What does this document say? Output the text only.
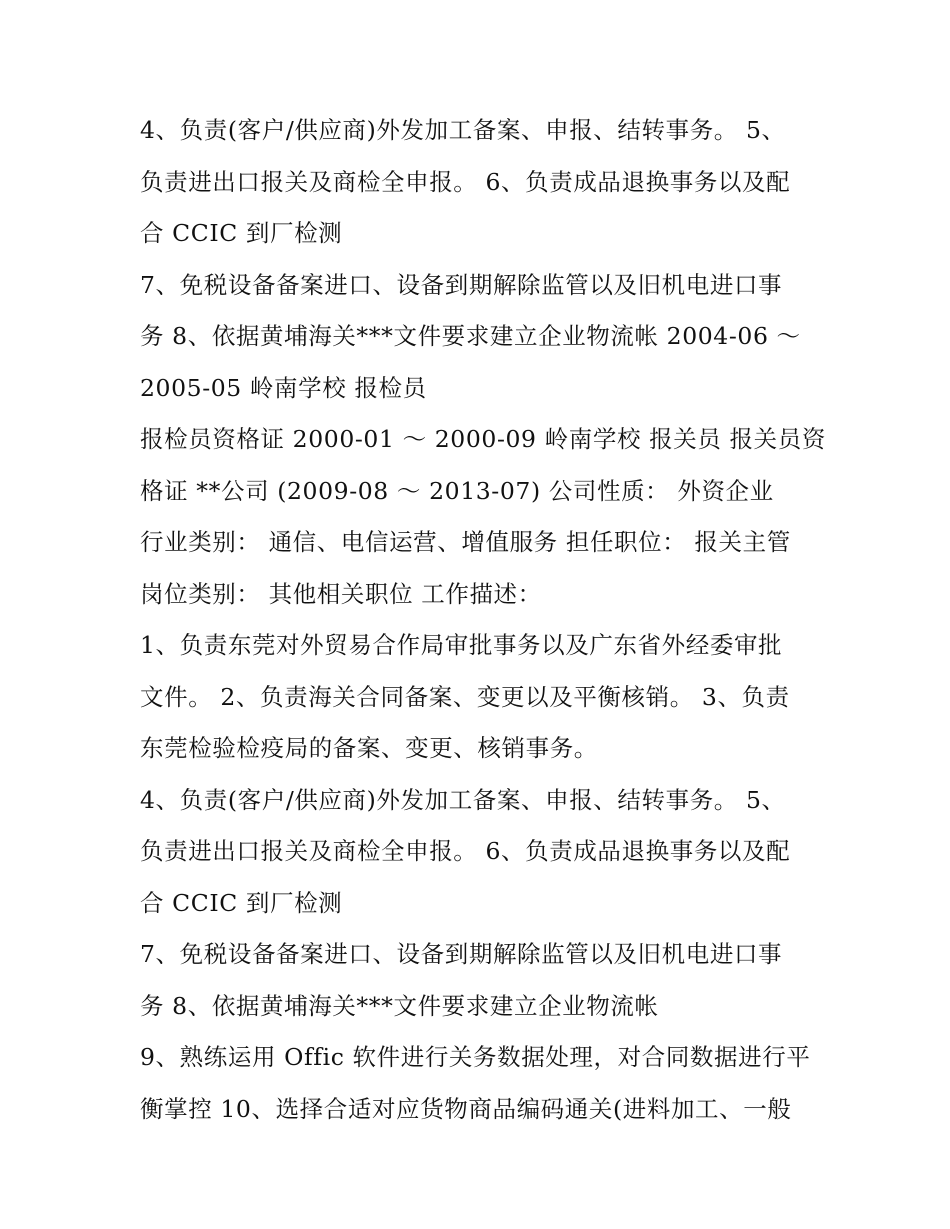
4、负责(客户/供应商)外发加工备案、申报、结转事务。 5、
负责进出口报关及商检全申报。 6、负责成品退换事务以及配
合 CCIC 到厂检测
7、免税设备备案进口、设备到期解除监管以及旧机电进口事
务 8、依据黄埔海关***文件要求建立企业物流帐 2004-06 ～
2005-05 岭南学校 报检员
报检员资格证 2000-01 ～ 2000-09 岭南学校 报关员 报关员资
格证 **公司 (2009-08 ～ 2013-07) 公司性质： 外资企业
行业类别： 通信、电信运营、增值服务 担任职位： 报关主管
岗位类别： 其他相关职位 工作描述：
1、负责东莞对外贸易合作局审批事务以及广东省外经委审批
文件。 2、负责海关合同备案、变更以及平衡核销。 3、负责
东莞检验检疫局的备案、变更、核销事务。
4、负责(客户/供应商)外发加工备案、申报、结转事务。 5、
负责进出口报关及商检全申报。 6、负责成品退换事务以及配
合 CCIC 到厂检测
7、免税设备备案进口、设备到期解除监管以及旧机电进口事
务 8、依据黄埔海关***文件要求建立企业物流帐
9、熟练运用 Offic 软件进行关务数据处理，对合同数据进行平
衡掌控 10、选择合适对应货物商品编码通关(进料加工、一般
